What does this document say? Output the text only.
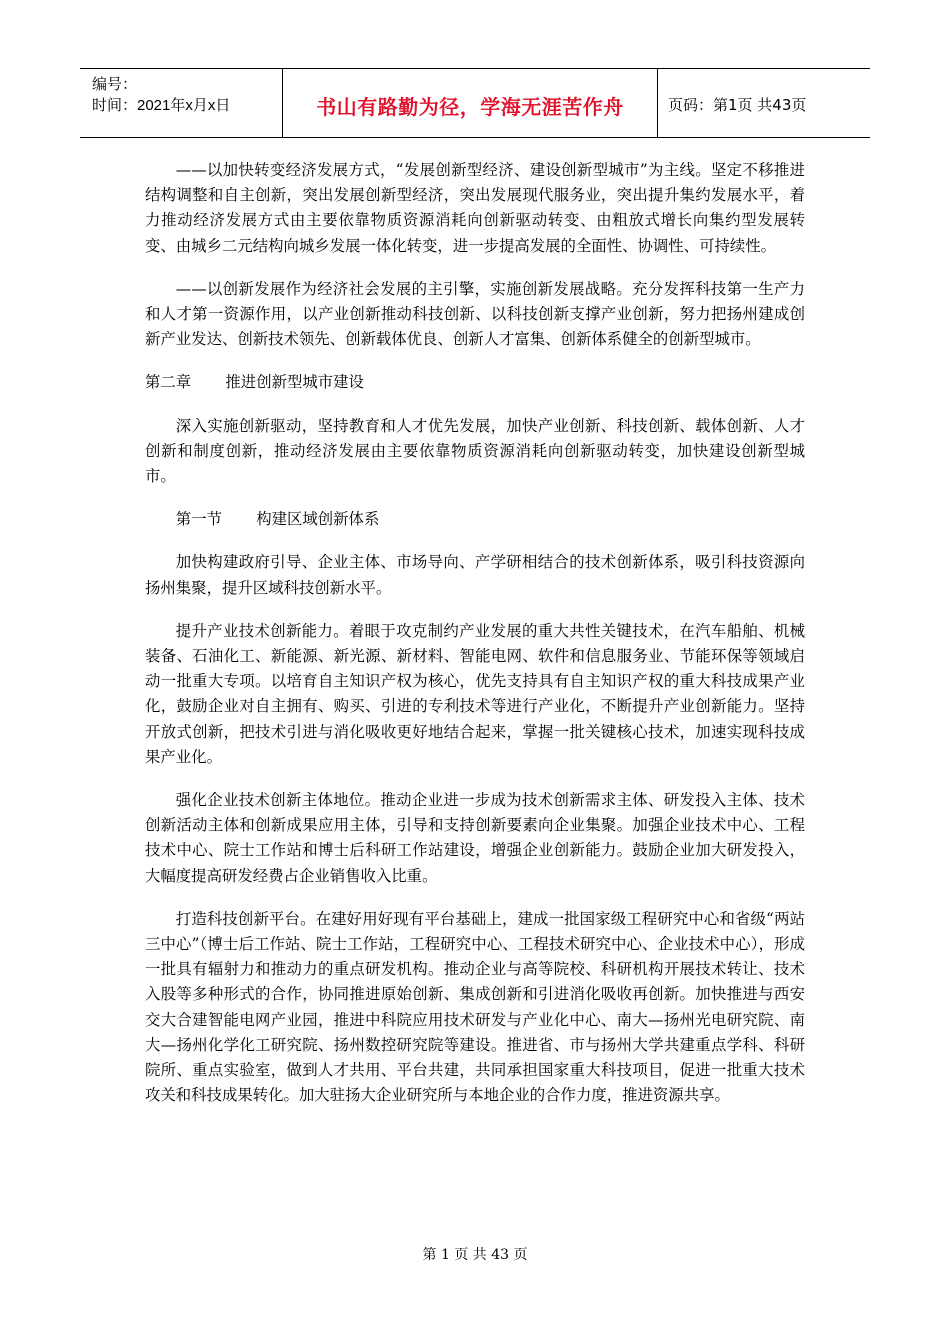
编号：
时间：2021年x月x日	书山有路勤为径，学海无涯苦作舟	页码：第1页 共43页

——以加快转变经济发展方式，“发展创新型经济、建设创新型城市”为主线。坚定不移推进结构调整和自主创新，突出发展创新型经济，突出发展现代服务业，突出提升集约发展水平，着力推动经济发展方式由主要依靠物质资源消耗向创新驱动转变、由粗放式增长向集约型发展转变、由城乡二元结构向城乡发展一体化转变，进一步提高发展的全面性、协调性、可持续性。

——以创新发展作为经济社会发展的主引擎，实施创新发展战略。充分发挥科技第一生产力和人才第一资源作用，以产业创新推动科技创新、以科技创新支撑产业创新，努力把扬州建成创新产业发达、创新技术领先、创新载体优良、创新人才富集、创新体系健全的创新型城市。

第二章       推进创新型城市建设

深入实施创新驱动，坚持教育和人才优先发展，加快产业创新、科技创新、载体创新、人才创新和制度创新，推动经济发展由主要依靠物质资源消耗向创新驱动转变，加快建设创新型城市。

第一节       构建区域创新体系

加快构建政府引导、企业主体、市场导向、产学研相结合的技术创新体系，吸引科技资源向扬州集聚，提升区域科技创新水平。

提升产业技术创新能力。着眼于攻克制约产业发展的重大共性关键技术，在汽车船舶、机械装备、石油化工、新能源、新光源、新材料、智能电网、软件和信息服务业、节能环保等领域启动一批重大专项。以培育自主知识产权为核心，优先支持具有自主知识产权的重大科技成果产业化，鼓励企业对自主拥有、购买、引进的专利技术等进行产业化，不断提升产业创新能力。坚持开放式创新，把技术引进与消化吸收更好地结合起来，掌握一批关键核心技术，加速实现科技成果产业化。

强化企业技术创新主体地位。推动企业进一步成为技术创新需求主体、研发投入主体、技术创新活动主体和创新成果应用主体，引导和支持创新要素向企业集聚。加强企业技术中心、工程技术中心、院士工作站和博士后科研工作站建设，增强企业创新能力。鼓励企业加大研发投入，大幅度提高研发经费占企业销售收入比重。

打造科技创新平台。在建好用好现有平台基础上，建成一批国家级工程研究中心和省级“两站三中心”（博士后工作站、院士工作站，工程研究中心、工程技术研究中心、企业技术中心），形成一批具有辐射力和推动力的重点研发机构。推动企业与高等院校、科研机构开展技术转让、技术入股等多种形式的合作，协同推进原始创新、集成创新和引进消化吸收再创新。加快推进与西安交大合建智能电网产业园，推进中科院应用技术研发与产业化中心、南大—扬州光电研究院、南大—扬州化学化工研究院、扬州数控研究院等建设。推进省、市与扬州大学共建重点学科、科研院所、重点实验室，做到人才共用、平台共建，共同承担国家重大科技项目，促进一批重大技术攻关和科技成果转化。加大驻扬大企业研究所与本地企业的合作力度，推进资源共享。

第 1 页 共 43 页
